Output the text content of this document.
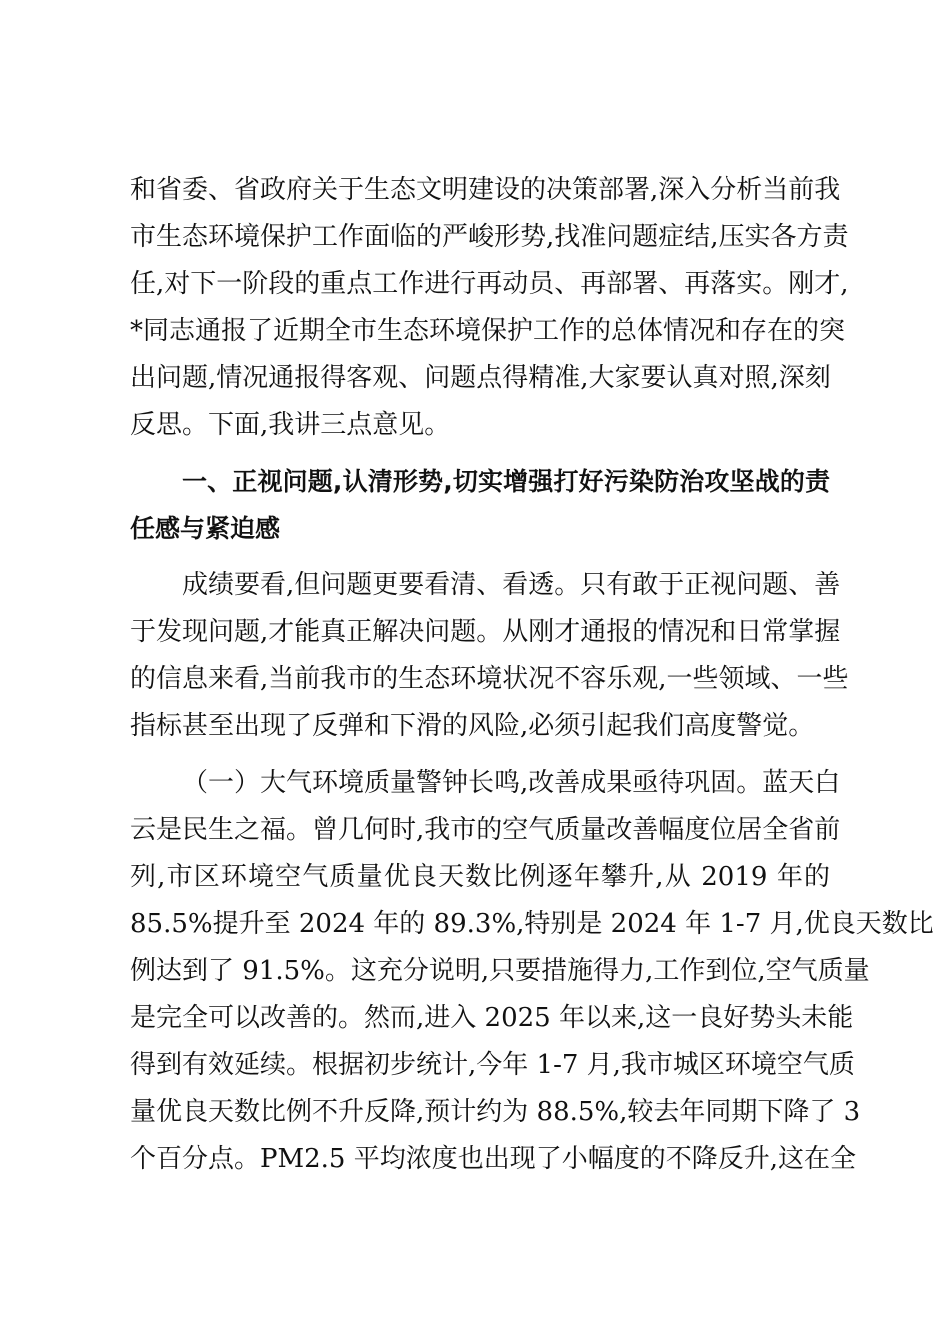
和省委、省政府关于生态文明建设的决策部署,深入分析当前我
市生态环境保护工作面临的严峻形势,找准问题症结,压实各方责
任,对下一阶段的重点工作进行再动员、再部署、再落实。刚才,
*同志通报了近期全市生态环境保护工作的总体情况和存在的突
出问题,情况通报得客观、问题点得精准,大家要认真对照,深刻
反思。下面,我讲三点意见。
一、正视问题,认清形势,切实增强打好污染防治攻坚战的责
任感与紧迫感
成绩要看,但问题更要看清、看透。只有敢于正视问题、善
于发现问题,才能真正解决问题。从刚才通报的情况和日常掌握
的信息来看,当前我市的生态环境状况不容乐观,一些领域、一些
指标甚至出现了反弹和下滑的风险,必须引起我们高度警觉。
（一）大气环境质量警钟长鸣,改善成果亟待巩固。蓝天白
云是民生之福。曾几何时,我市的空气质量改善幅度位居全省前
列,市区环境空气质量优良天数比例逐年攀升,从 2019 年的
85.5%提升至 2024 年的 89.3%,特别是 2024 年 1-7 月,优良天数比
例达到了 91.5%。这充分说明,只要措施得力,工作到位,空气质量
是完全可以改善的。然而,进入 2025 年以来,这一良好势头未能
得到有效延续。根据初步统计,今年 1-7 月,我市城区环境空气质
量优良天数比例不升反降,预计约为 88.5%,较去年同期下降了 3
个百分点。PM2.5 平均浓度也出现了小幅度的不降反升,这在全
